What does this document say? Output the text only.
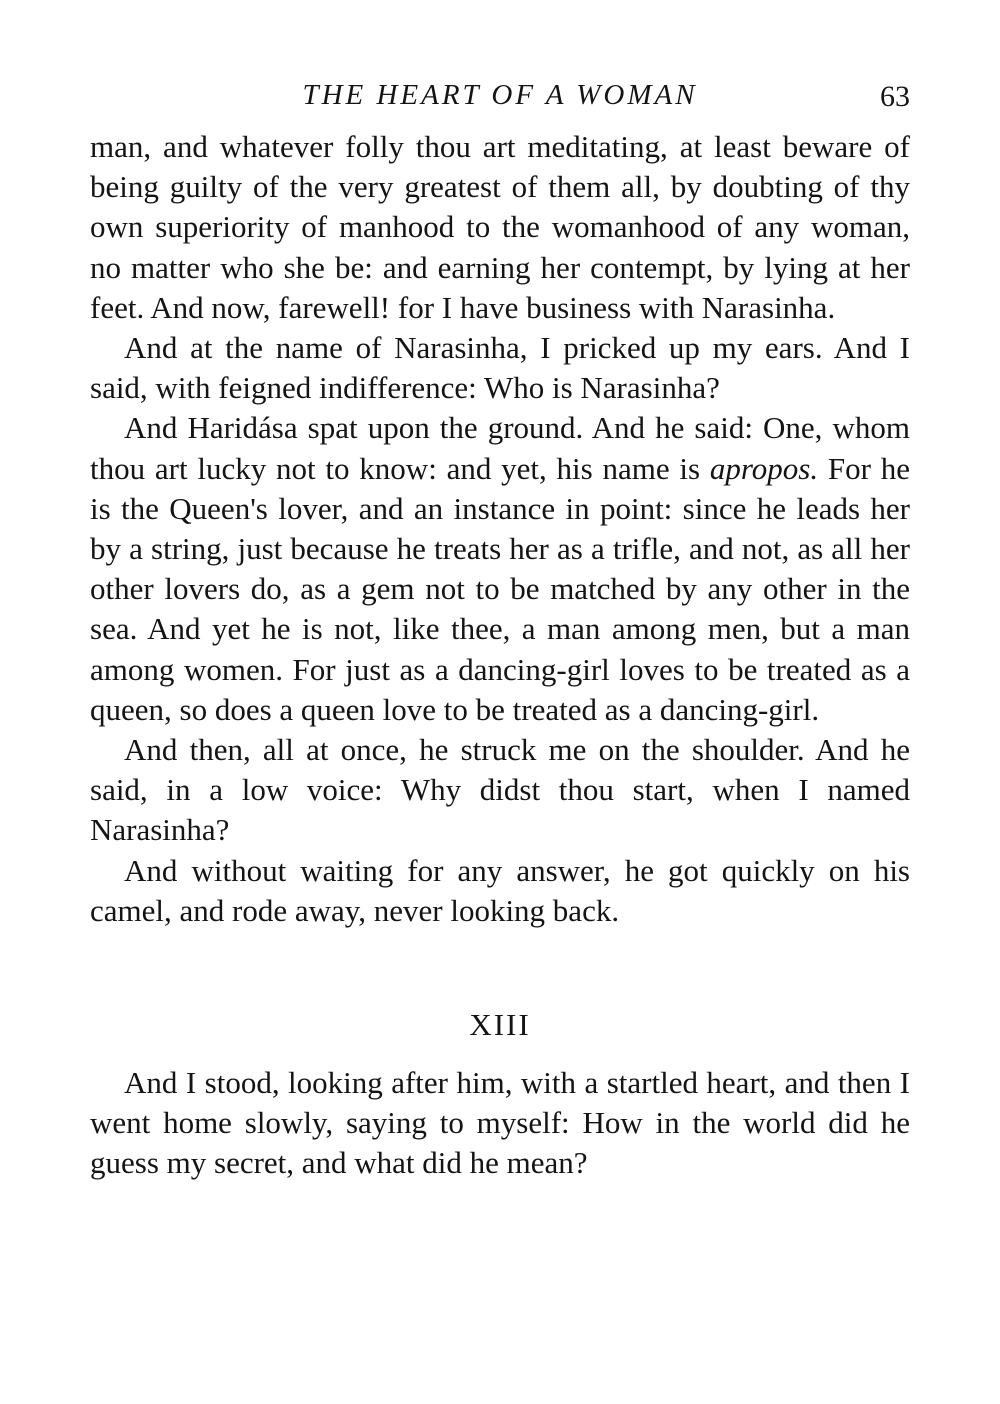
THE HEART OF A WOMAN	63

man, and whatever folly thou art meditating, at least beware of being guilty of the very greatest of them all, by doubting of thy own superiority of manhood to the womanhood of any woman, no matter who she be: and earning her contempt, by lying at her feet. And now, farewell! for I have business with Narasinha.

And at the name of Narasinha, I pricked up my ears. And I said, with feigned indifference: Who is Narasinha?

And Haridása spat upon the ground. And he said: One, whom thou art lucky not to know: and yet, his name is apropos. For he is the Queen's lover, and an instance in point: since he leads her by a string, just because he treats her as a trifle, and not, as all her other lovers do, as a gem not to be matched by any other in the sea. And yet he is not, like thee, a man among men, but a man among women. For just as a dancing-girl loves to be treated as a queen, so does a queen love to be treated as a dancing-girl.

And then, all at once, he struck me on the shoulder. And he said, in a low voice: Why didst thou start, when I named Narasinha?

And without waiting for any answer, he got quickly on his camel, and rode away, never looking back.

XIII

And I stood, looking after him, with a startled heart, and then I went home slowly, saying to myself: How in the world did he guess my secret, and what did he mean?
